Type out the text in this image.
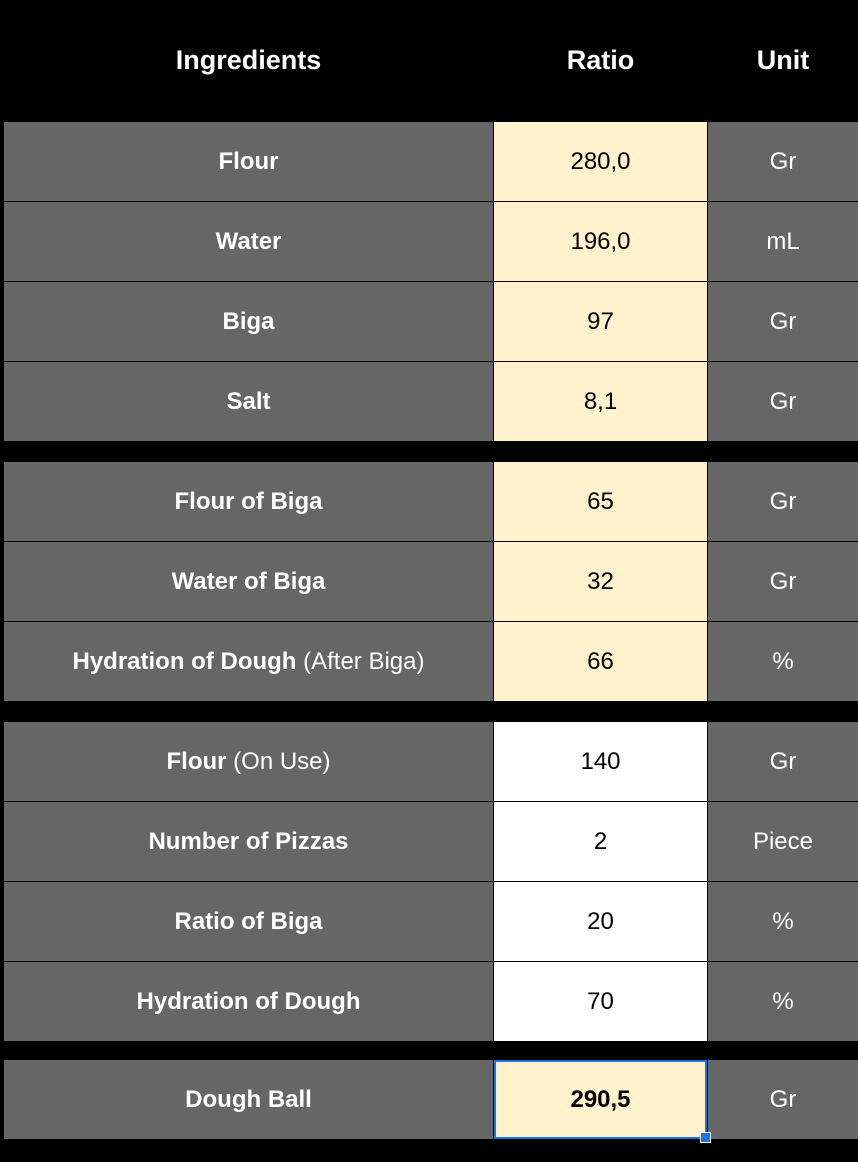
Ingredients	Ratio	Unit
Flour	280,0	Gr
Water	196,0	mL
Biga	97	Gr
Salt	8,1	Gr
Flour of Biga	65	Gr
Water of Biga	32	Gr
Hydration of Dough (After Biga)	66	%
Flour (On Use)	140	Gr
Number of Pizzas	2	Piece
Ratio of Biga	20	%
Hydration of Dough	70	%
Dough Ball	290,5	Gr
